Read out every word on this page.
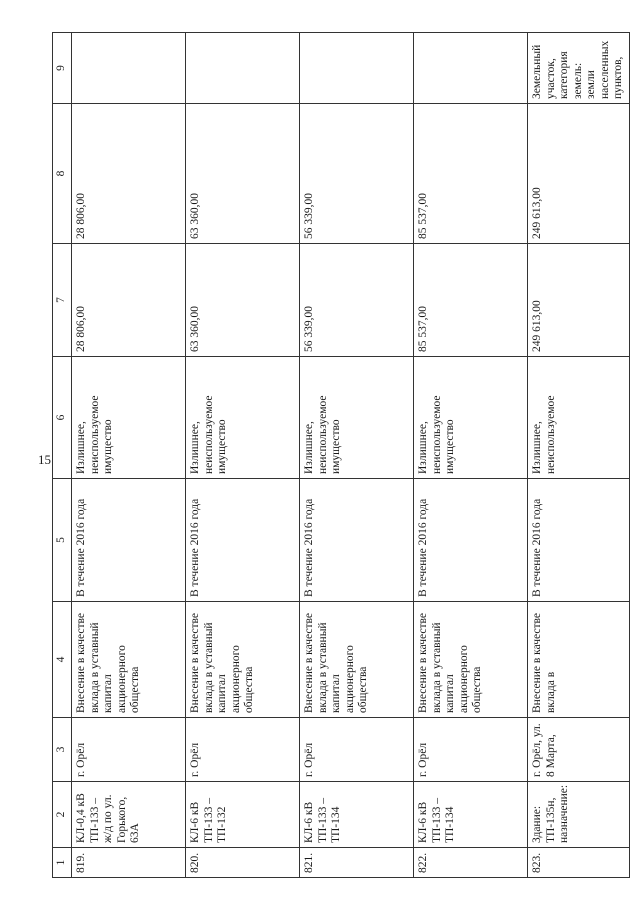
15
1	2	3	4	5	6	7	8	9
819.	КЛ-0,4 кВ ТП-133 – ж/д по ул. Горького, 63А	г. Орёл	Внесение в качестве вклада в уставный капитал акционерного общества	В течение 2016 года	Излишнее, неиспользуемое имущество	28 806,00	28 806,00	
820.	КЛ-6 кВ ТП-133 – ТП-132	г. Орёл	Внесение в качестве вклада в уставный капитал акционерного общества	В течение 2016 года	Излишнее, неиспользуемое имущество	63 360,00	63 360,00	
821.	КЛ-6 кВ ТП-133 – ТП-134	г. Орёл	Внесение в качестве вклада в уставный капитал акционерного общества	В течение 2016 года	Излишнее, неиспользуемое имущество	56 339,00	56 339,00	
822.	КЛ-6 кВ ТП-133 – ТП-134	г. Орёл	Внесение в качестве вклада в уставный капитал акционерного общества	В течение 2016 года	Излишнее, неиспользуемое имущество	85 537,00	85 537,00	
823.	Здание: ТП-135н, назначение:	г. Орёл, ул. 8 Марта,	Внесение в качестве вклада в	В течение 2016 года	Излишнее, неиспользуемое	249 613,00	249 613,00	Земельный участок, категория земель: земли населенных пунктов,
